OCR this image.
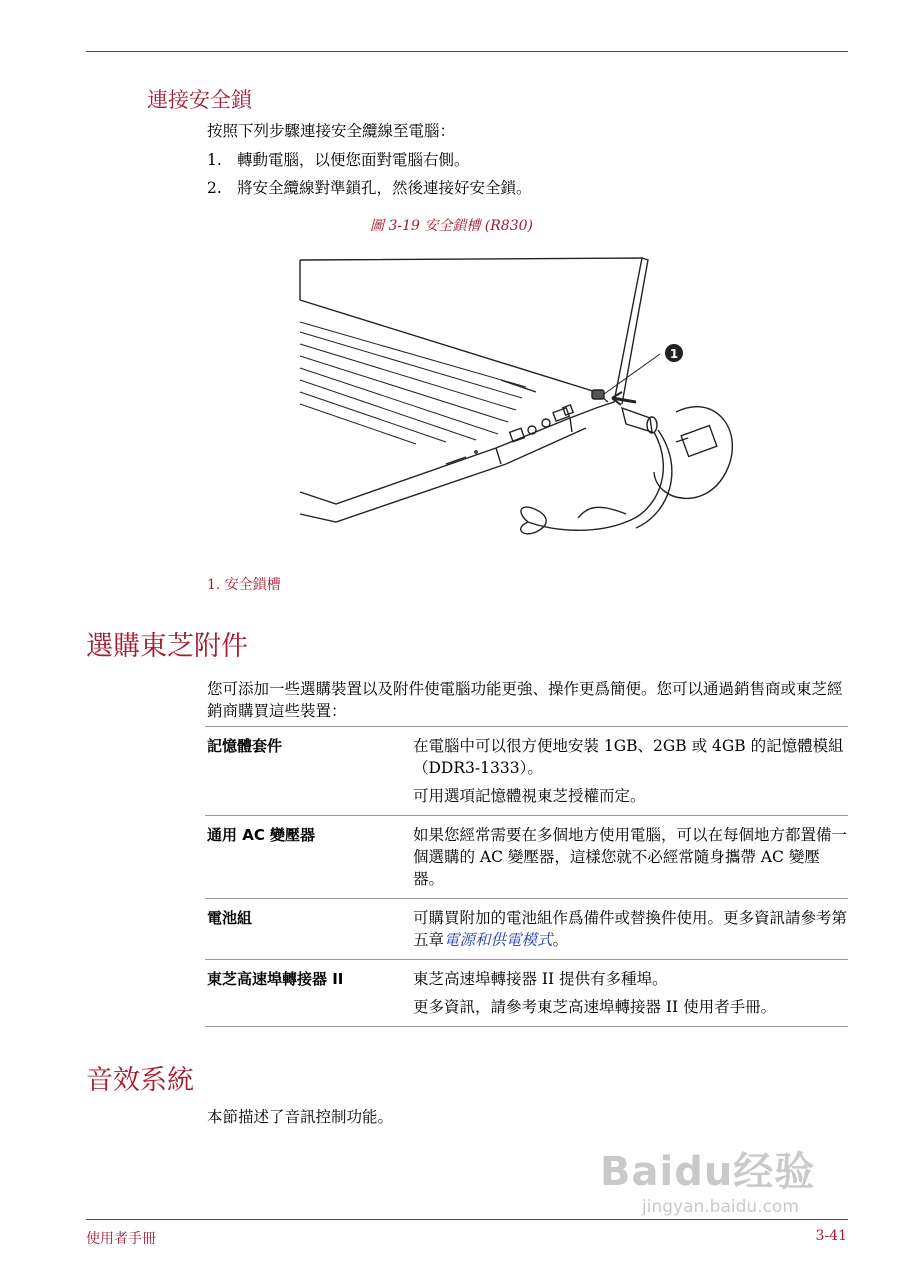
連接安全鎖

按照下列步驟連接安全纜線至電腦：

1. 轉動電腦，以便您面對電腦右側。
2. 將安全纜線對準鎖孔，然後連接好安全鎖。
圖 3-19 安全鎖槽 (R830)
1
1. 安全鎖槽
選購東芝附件

您可添加一些選購裝置以及附件使電腦功能更強、操作更爲簡便。您可以通過銷售商或東芝經銷商購買這些裝置：

記憶體套件	在電腦中可以很方便地安裝 1GB、2GB 或 4GB 的記憶體模組 （DDR3-1333）。

可用選項記憶體視東芝授權而定。

通用 AC 變壓器	如果您經常需要在多個地方使用電腦，可以在每個地方都置備一個選購的 AC 變壓器，這樣您就不必經常隨身攜帶 AC 變壓器。

電池組	可購買附加的電池組作爲備件或替換件使用。更多資訊請參考第五章電源和供電模式。

東芝高速埠轉接器 II	東芝高速埠轉接器 II 提供有多種埠。

更多資訊，請參考東芝高速埠轉接器 II 使用者手冊。

音效系統

本節描述了音訊控制功能。

Baidu经验
jingyan.baidu.com
使用者手冊	3-41
